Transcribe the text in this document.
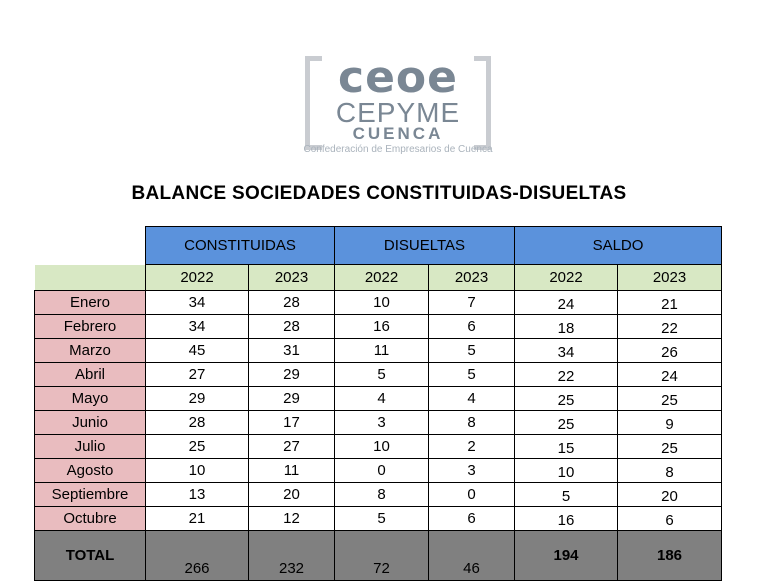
ceoe
CEPYME
CUENCA
Confederación de Empresarios de Cuenca
BALANCE SOCIEDADES CONSTITUIDAS-DISUELTAS
	CONSTITUIDAS		DISUELTAS		SALDO	
	2022	2023	2022	2023	2022	2023
Enero	34	28	10	7	24	21
Febrero	34	28	16	6	18	22
Marzo	45	31	11	5	34	26
Abril	27	29	5	5	22	24
Mayo	29	29	4	4	25	25
Junio	28	17	3	8	25	9
Julio	25	27	10	2	15	25
Agosto	10	11	0	3	10	8
Septiembre	13	20	8	0	5	20
Octubre	21	12	5	6	16	6
TOTAL	266	232	72	46	194	186
